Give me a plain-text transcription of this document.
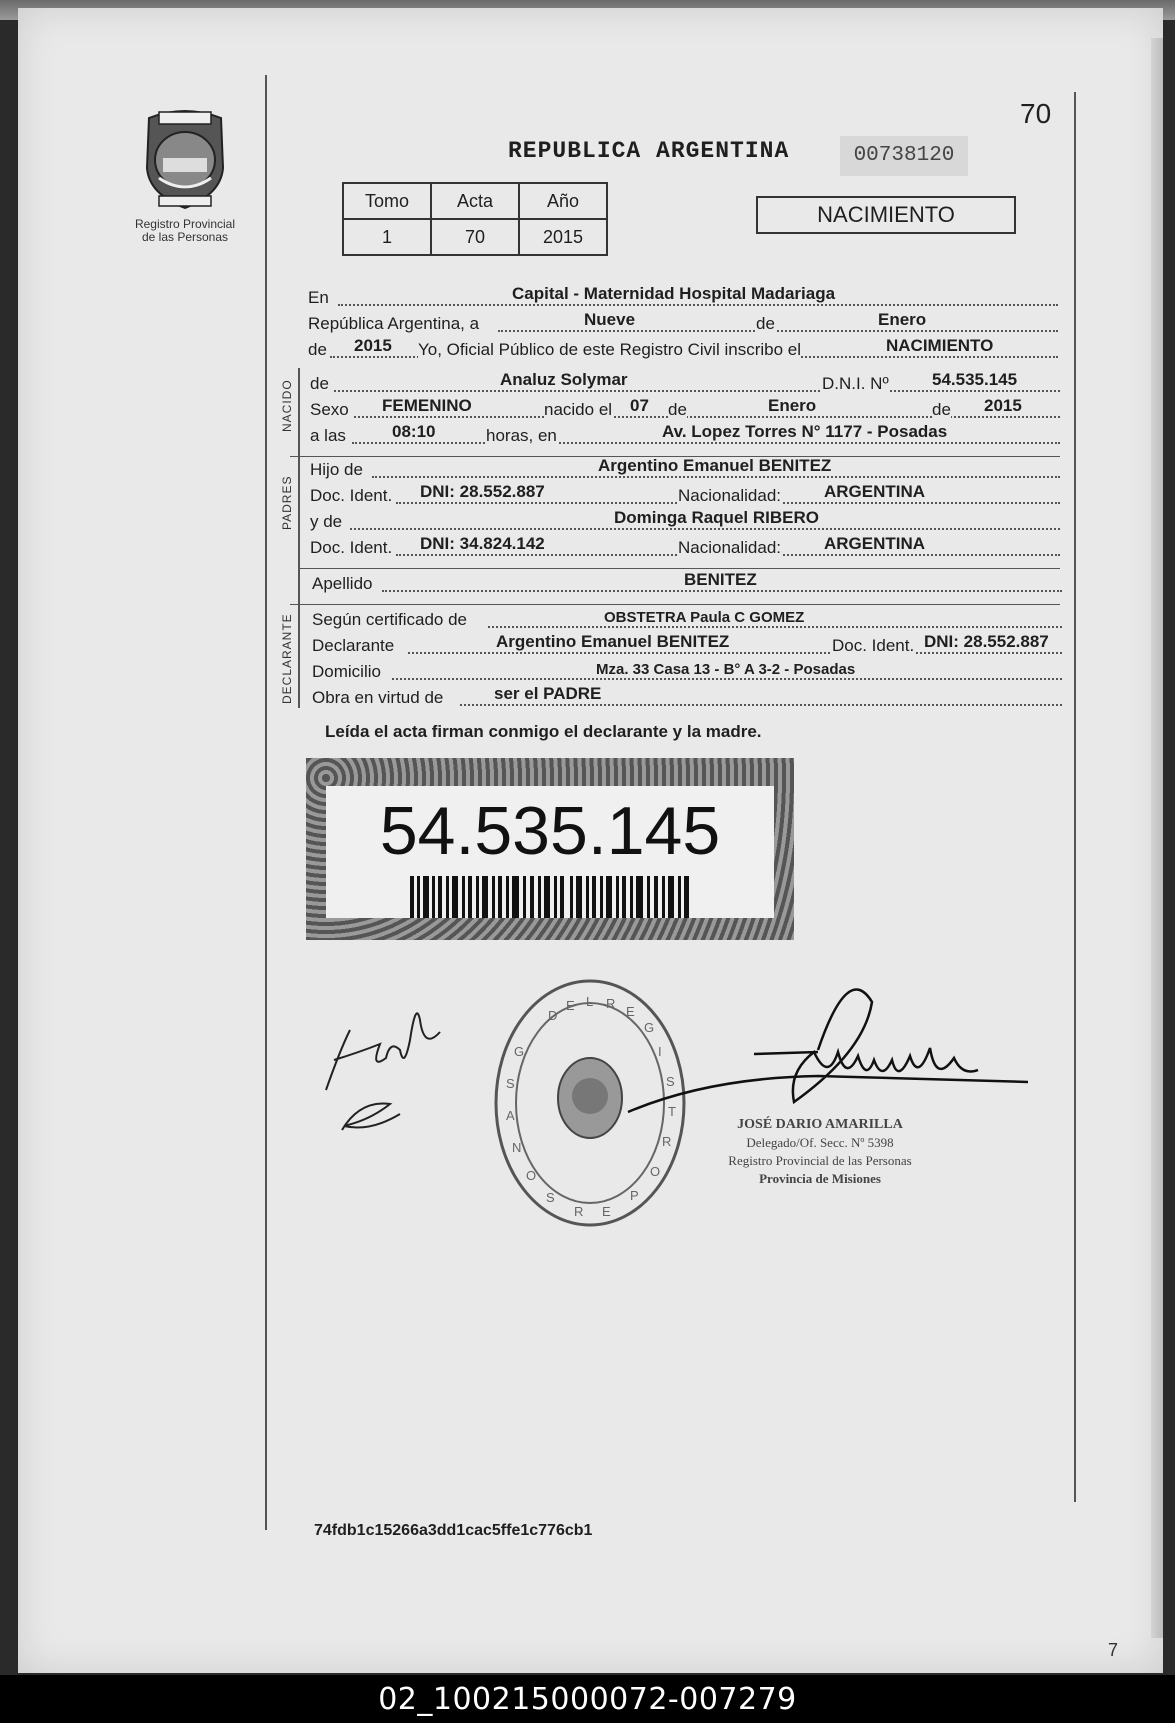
Registro Provincial
de las Personas
70
REPUBLICA ARGENTINA	00738120
Tomo	Acta	Año
1	70	2015
NACIMIENTO
En	Capital - Maternidad Hospital Madariaga
República Argentina, a	Nueve	de	Enero
de 2015 Yo, Oficial Público de este Registro Civil inscribo el	NACIMIENTO
NACIDO de	Analuz Solymar	D.N.I. Nº	54.535.145
Sexo FEMENINO	nacido el 07 de	Enero	de 2015
a las	08:10	horas, en	Av. Lopez Torres N° 1177 - Posadas
PADRES
Hijo de	Argentino Emanuel BENITEZ
Doc. Ident. DNI: 28.552.887	Nacionalidad:	ARGENTINA
y de	Dominga Raquel RIBERO
Doc. Ident. DNI: 34.824.142	Nacionalidad:	ARGENTINA
Apellido	BENITEZ
DECLARANTE Según certificado de	OBSTETRA Paula C GOMEZ
Declarante	Argentino Emanuel BENITEZ	Doc. Ident. DNI: 28.552.887
Domicilio	Mza. 33 Casa 13 - B° A 3-2 - Posadas
Obra en virtud de	ser el PADRE
Leída el acta firman conmigo el declarante y la madre.
54.535.145
D
E L R
E
G
I
S
T
R
O
P
E
R
S
O
N
A
S
G
JOSÉ DARIO AMARILLA
Delegado/Of. Secc. Nº 5398
Registro Provincial de las Personas
Provincia de Misiones
74fdb1c15266a3dd1cac5ffe1c776cb1
7
02_100215000072-007279
